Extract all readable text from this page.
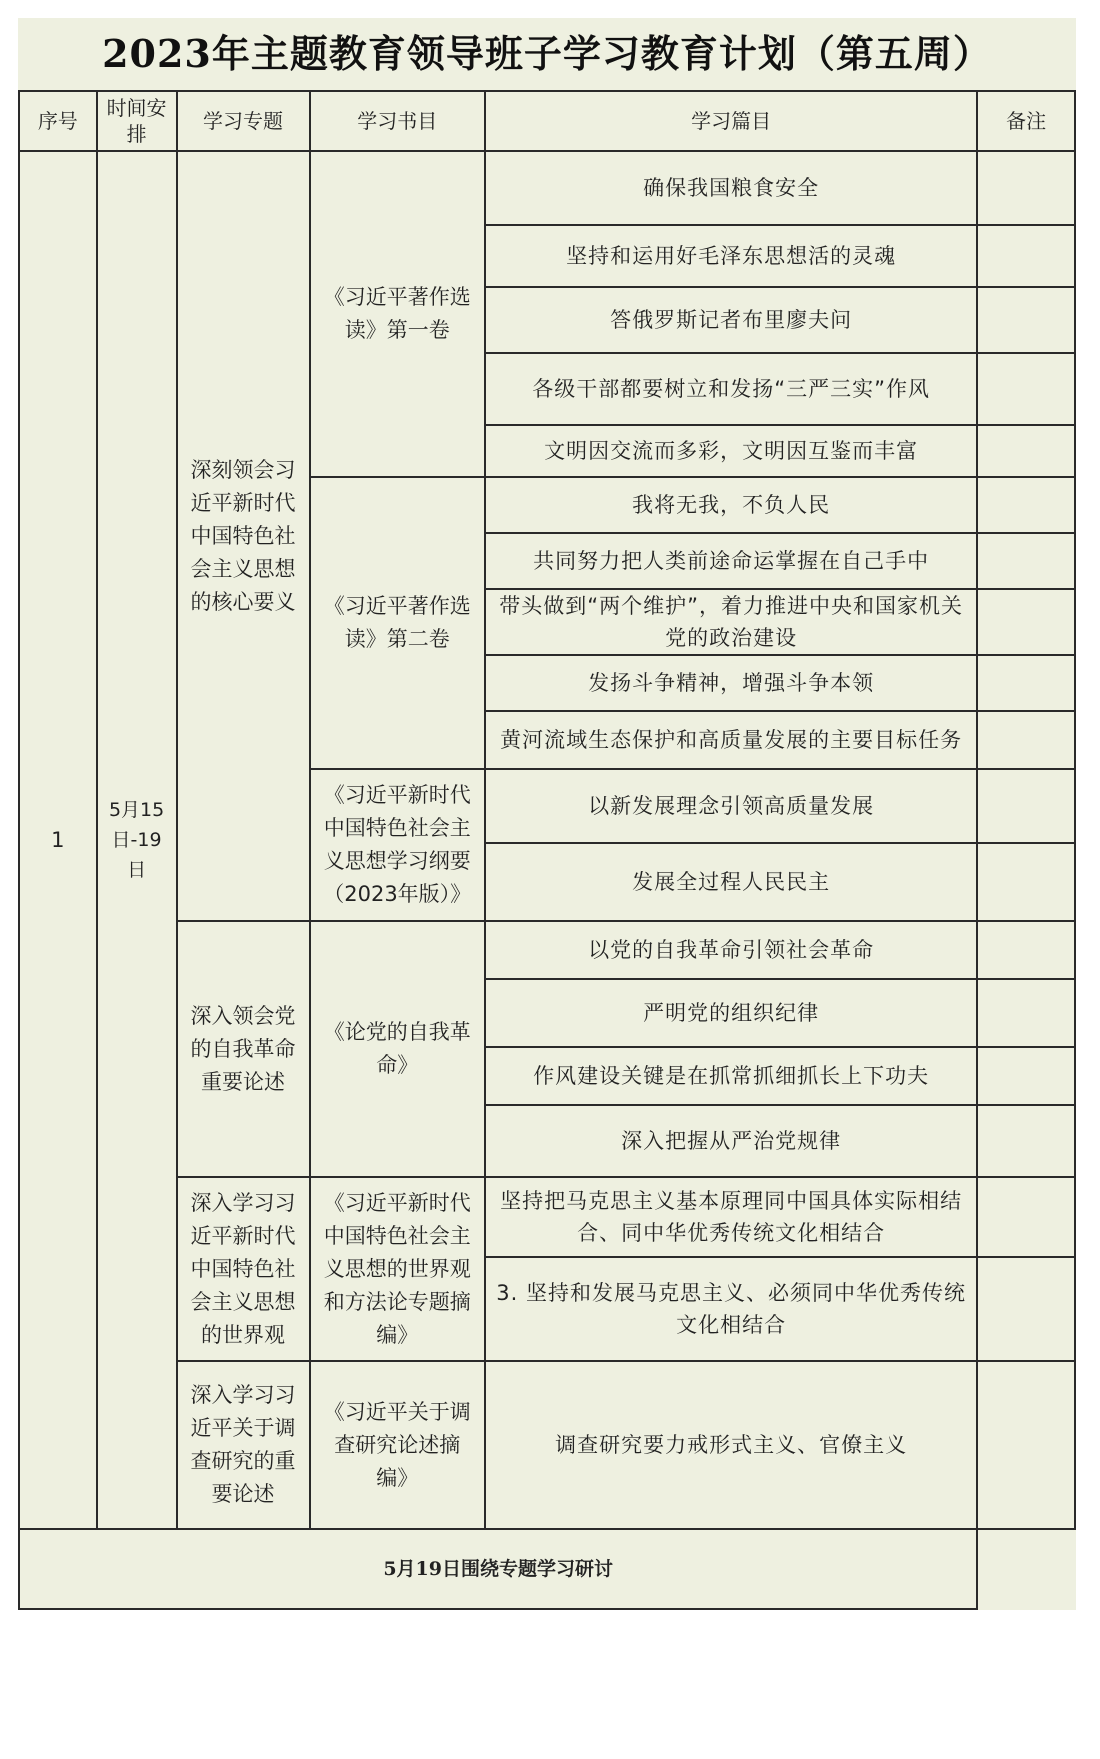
2023年主题教育领导班子学习教育计划（第五周）
序号	时间安排	学习专题	学习书目	学习篇目	备注
1	5月15日-19日	深刻领会习近平新时代中国特色社会主义思想的核心要义	《习近平著作选读》第一卷	确保我国粮食安全	
				坚持和运用好毛泽东思想活的灵魂	
				答俄罗斯记者布里廖夫问	
				各级干部都要树立和发扬“三严三实”作风	
				文明因交流而多彩，文明因互鉴而丰富	
			《习近平著作选读》第二卷	我将无我，不负人民	
				共同努力把人类前途命运掌握在自己手中	
				带头做到“两个维护”，着力推进中央和国家机关党的政治建设	
				发扬斗争精神，增强斗争本领	
				黄河流域生态保护和高质量发展的主要目标任务	
			《习近平新时代中国特色社会主义思想学习纲要（2023年版）》	以新发展理念引领高质量发展	
				发展全过程人民民主	
		深入领会党的自我革命重要论述	《论党的自我革命》	以党的自我革命引领社会革命	
				严明党的组织纪律	
				作风建设关键是在抓常抓细抓长上下功夫	
				深入把握从严治党规律	
		深入学习习近平新时代中国特色社会主义思想的世界观	《习近平新时代中国特色社会主义思想的世界观和方法论专题摘编》	坚持把马克思主义基本原理同中国具体实际相结合、同中华优秀传统文化相结合	
				3. 坚持和发展马克思主义、必须同中华优秀传统文化相结合	
		深入学习习近平关于调查研究的重要论述	《习近平关于调查研究论述摘编》	调查研究要力戒形式主义、官僚主义	
5月19日围绕专题学习研讨					
